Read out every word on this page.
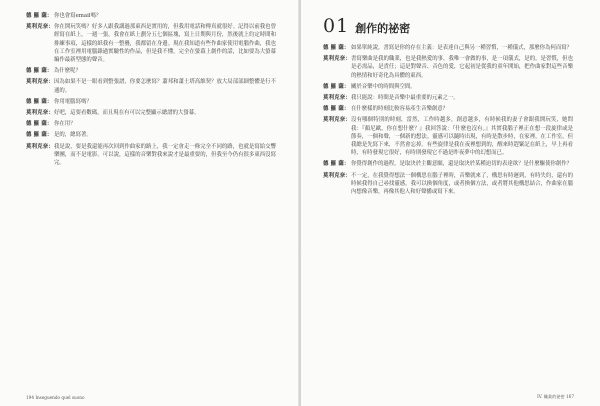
德 羅 薩： 你也會寫email嗎？
莫利克奈： 你在開玩笑嗎？好多人跟我講過那東西是實用的，但我用電話和傳真就很好。記得以前我也曾經寫在紙上，一週一張，我會在紙上劃分五七個區塊，寫上日期與月份，然後就上約定時間和排練事項，這樣的紙我有一整疊，我都留在身邊。現在我知道有些作曲家使用電腦作曲，我也在工作室裡用電腦錄過實驗性的作品，但是我不懂，完全在螢幕上創作的話，比如要為大螢幕編作最新型態的聲音。
德 羅 薩： 為什麼呢？
莫利克奈： 因為如果不是一眼看到整張譜，你要怎麼寫？蕭邦和蕭士塔高維契？放大局部部細整體是行不通的。
德 羅 薩： 你用電腦寫嗎？
莫利克奈： 好吧，這要看數碼，而且現在有可以完整顯示總譜的大螢幕。
德 羅 薩： 你在用？
德 羅 薩： 是的，總寫著。
莫利克奈： 我是說，要是我還能再次回到作曲家的路上，我一定會走一條完全不同的路，也就是寫給交響樂團，而不是電影。可以說，這樣的音樂對我來說才是最重要的，但我至今仍有很多東西沒寫完。
194 Inseguendo quel suono
01 創作的祕密
德 羅 薩： 如果單純說，書寫是你的存在主義：是表達自己與另一種習慣，一種儀式，那麼你為何而寫？
莫利克奈： 書寫樂曲是我的職業，也是我熱愛的事，我唯一會做的事，是一項儀式，是的，是習慣，但也是必需品，是責任；這是對聲音、音色的愛，它起初是從我的童年開始，把作曲家對這些音樂的熱情和好奇化為具體的東西。
德 羅 薩： 關於音樂中的時間與空間。
莫利克奈： 我只能說：時間是音樂中最重要的元素之一。
德 羅 薩： 在什麼樣的時刻比較容易產生音樂創意？
莫利克奈： 沒有哪個特別的時刻，當然，工作時越多，創意越多，有時候我的妻子會跟我開玩笑，她問我：『顏尼歐，你在想什麼？』我回答說：『什麼也沒有。』其實我腦子裡正在想一段旋律或是節奏，一個和聲，一個新的想法。靈感可以隨時出現，有時是散步時，在家裡，在工作室。但我總是先寫下來，不然會忘掉。有些旋律是我在夜裡想到的，醒來時趕緊記在紙上，早上再看時，有時發現它很好，有時則發現它不過是昨夜夢中的幻想而已。
德 羅 薩： 你覺得創作的過程，是取決於主觀意願，還是取決於某種迫切的表達欲？是什麼驅使你創作？
莫利克奈： 不一定，在我覺得想法一個構思在腦子裡時，音樂就來了，構思有時遲到，有時失約，還有的時候我得自己尋找靈感，我可以換個角度，或者換個方法，或者將其他構思結合，作曲家在腦內想像音樂，再像其他人和好聲播或寫下來。
IV. 職業的祕密 167
